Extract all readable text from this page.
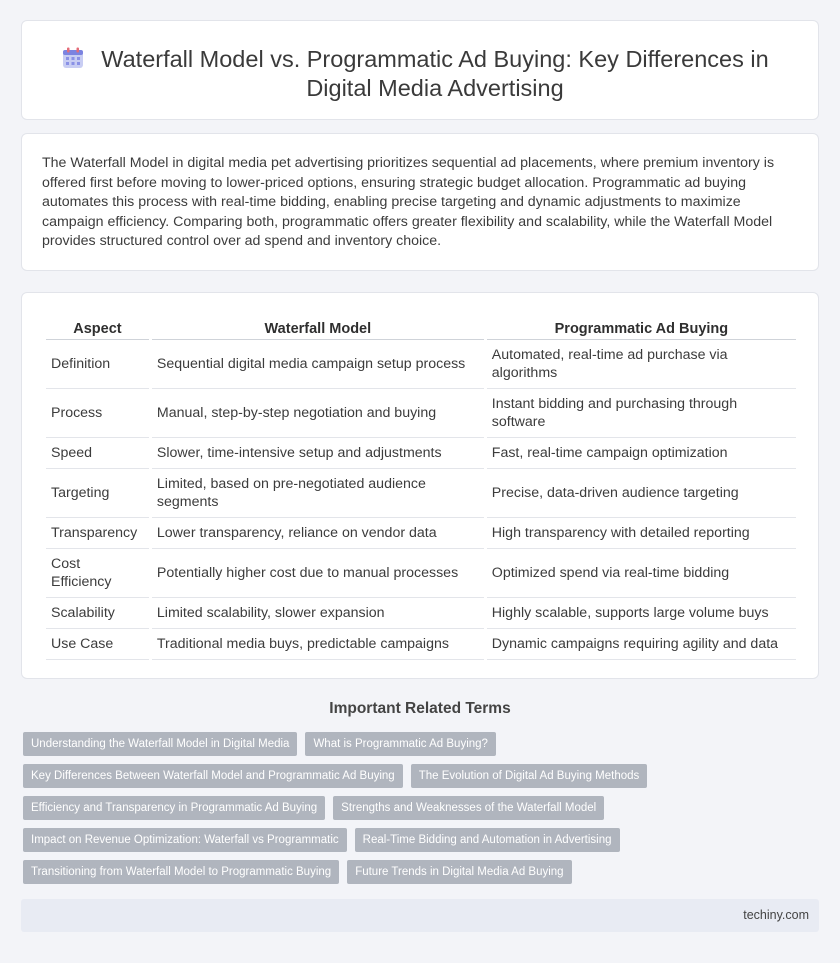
Waterfall Model vs. Programmatic Ad Buying: Key Differences in Digital Media Advertising

The Waterfall Model in digital media pet advertising prioritizes sequential ad placements, where premium inventory is offered first before moving to lower-priced options, ensuring strategic budget allocation. Programmatic ad buying automates this process with real-time bidding, enabling precise targeting and dynamic adjustments to maximize campaign efficiency. Comparing both, programmatic offers greater flexibility and scalability, while the Waterfall Model provides structured control over ad spend and inventory choice.

Aspect	Waterfall Model	Programmatic Ad Buying
Definition	Sequential digital media campaign setup process	Automated, real-time ad purchase via algorithms
Process	Manual, step-by-step negotiation and buying	Instant bidding and purchasing through software
Speed	Slower, time-intensive setup and adjustments	Fast, real-time campaign optimization
Targeting	Limited, based on pre-negotiated audience segments	Precise, data-driven audience targeting
Transparency	Lower transparency, reliance on vendor data	High transparency with detailed reporting
Cost Efficiency	Potentially higher cost due to manual processes	Optimized spend via real-time bidding
Scalability	Limited scalability, slower expansion	Highly scalable, supports large volume buys
Use Case	Traditional media buys, predictable campaigns	Dynamic campaigns requiring agility and data
Important Related Terms
Understanding the Waterfall Model in Digital Media	What is Programmatic Ad Buying?
Key Differences Between Waterfall Model and Programmatic Ad Buying	The Evolution of Digital Ad Buying Methods
Efficiency and Transparency in Programmatic Ad Buying	Strengths and Weaknesses of the Waterfall Model
Impact on Revenue Optimization: Waterfall vs Programmatic	Real-Time Bidding and Automation in Advertising
Transitioning from Waterfall Model to Programmatic Buying	Future Trends in Digital Media Ad Buying
techiny.com
